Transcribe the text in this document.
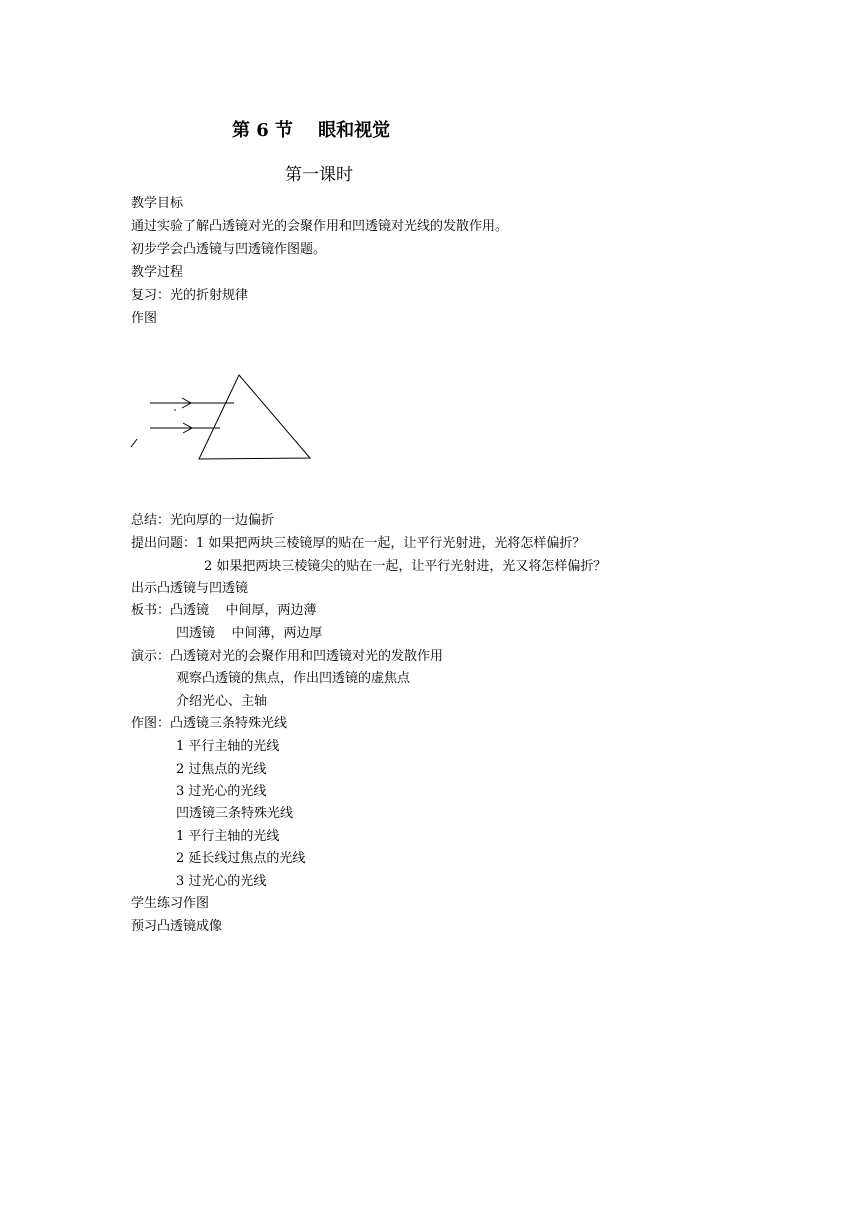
第 6 节    眼和视觉
第一课时
教学目标
通过实验了解凸透镜对光的会聚作用和凹透镜对光线的发散作用。
初步学会凸透镜与凹透镜作图题。
教学过程
复习：光的折射规律
作图
总结：光向厚的一边偏折
提出问题：1 如果把两块三棱镜厚的贴在一起，让平行光射进，光将怎样偏折？
2 如果把两块三棱镜尖的贴在一起，让平行光射进，光又将怎样偏折？
出示凸透镜与凹透镜
板书：凸透镜    中间厚，两边薄
凹透镜    中间薄，两边厚
演示：凸透镜对光的会聚作用和凹透镜对光的发散作用
观察凸透镜的焦点，作出凹透镜的虚焦点
介绍光心、主轴
作图：凸透镜三条特殊光线
1 平行主轴的光线
2 过焦点的光线
3 过光心的光线
凹透镜三条特殊光线
1 平行主轴的光线
2 延长线过焦点的光线
3 过光心的光线
学生练习作图
预习凸透镜成像
